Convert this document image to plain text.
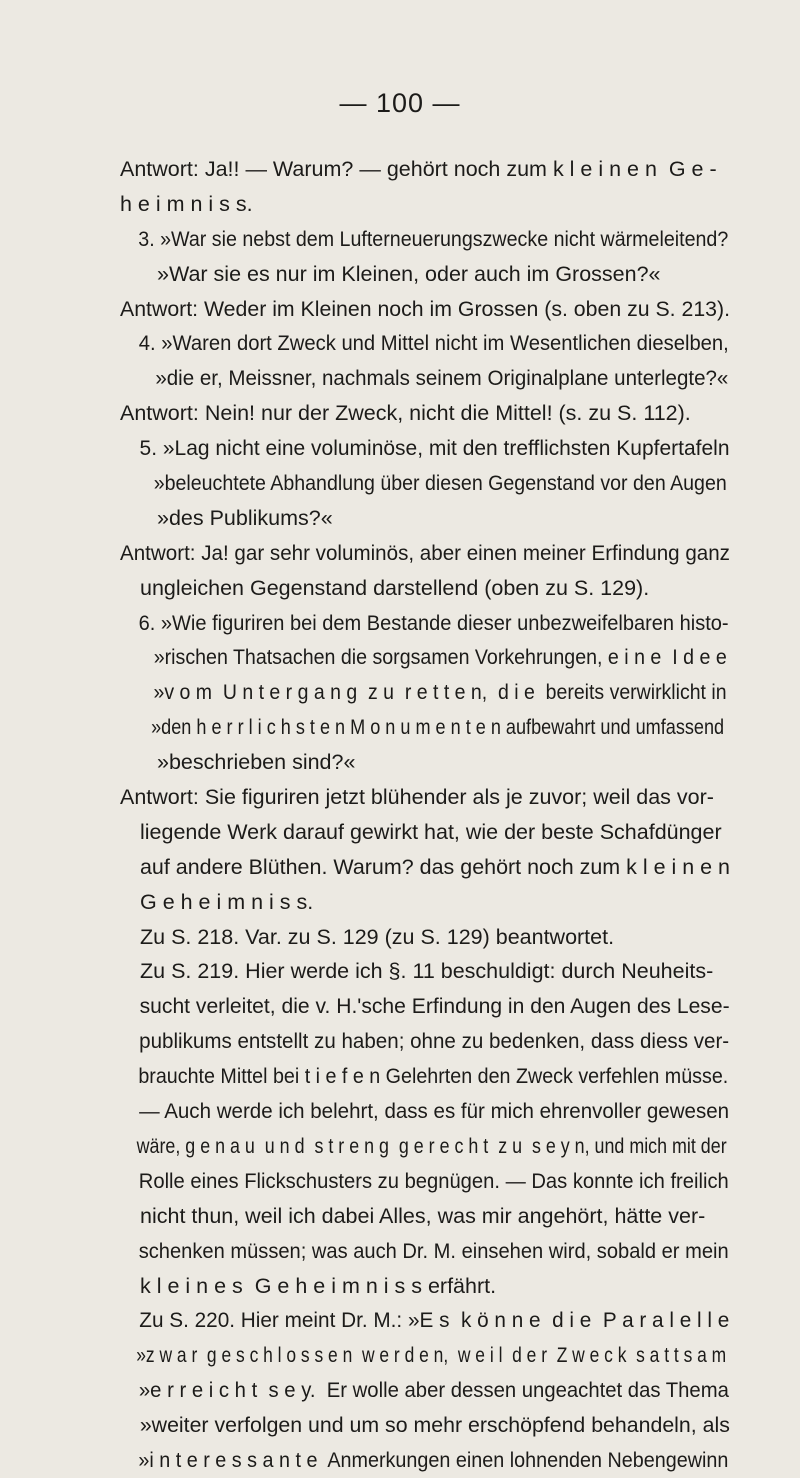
— 100 —
Antwort: Ja!! — Warum? — gehört noch zum k l e i n e n  G e -
h e i m n i s s.
3. »War sie nebst dem Lufterneuerungszwecke nicht wärmeleitend?
»War sie es nur im Kleinen, oder auch im Grossen?«
Antwort: Weder im Kleinen noch im Grossen (s. oben zu S. 213).
4. »Waren dort Zweck und Mittel nicht im Wesentlichen dieselben,
»die er, Meissner, nachmals seinem Originalplane unterlegte?«
Antwort: Nein! nur der Zweck, nicht die Mittel! (s. zu S. 112).
5. »Lag nicht eine voluminöse, mit den trefflichsten Kupfertafeln
»beleuchtete Abhandlung über diesen Gegenstand vor den Augen
»des Publikums?«
Antwort: Ja! gar sehr voluminös, aber einen meiner Erfindung ganz
ungleichen Gegenstand darstellend (oben zu S. 129).
6. »Wie figuriren bei dem Bestande dieser unbezweifelbaren histo-
»rischen Thatsachen die sorgsamen Vorkehrungen, e i n e  I d e e
»v o m  U n t e r g a n g  z u  r e t t e n,  d i e  bereits verwirklicht in
»den h e r r l i c h s t e n M o n u m e n t e n aufbewahrt und umfassend
»beschrieben sind?«
Antwort: Sie figuriren jetzt blühender als je zuvor; weil das vor-
liegende Werk darauf gewirkt hat, wie der beste Schafdünger
auf andere Blüthen. Warum? das gehört noch zum k l e i n e n
G e h e i m n i s s.
Zu S. 218. Var. zu S. 129 (zu S. 129) beantwortet.
Zu S. 219. Hier werde ich §. 11 beschuldigt: durch Neuheits-
sucht verleitet, die v. H.'sche Erfindung in den Augen des Lese-
publikums entstellt zu haben; ohne zu bedenken, dass diess ver-
brauchte Mittel bei t i e f e n Gelehrten den Zweck verfehlen müsse.
— Auch werde ich belehrt, dass es für mich ehrenvoller gewesen
wäre, g e n a u  u n d  s t r e n g  g e r e c h t  z u  s e y n, und mich mit der
Rolle eines Flickschusters zu begnügen. — Das konnte ich freilich
nicht thun, weil ich dabei Alles, was mir angehört, hätte ver-
schenken müssen; was auch Dr. M. einsehen wird, sobald er mein
k l e i n e s  G e h e i m n i s s erfährt.
Zu S. 220. Hier meint Dr. M.: »E s  k ö n n e  d i e  P a r a l e l l e
»z w a r  g e s c h l o s s e n  w e r d e n,  w e i l  d e r  Z w e c k  s a t t s a m
»e r r e i c h t  s e y.  Er wolle aber dessen ungeachtet das Thema
»weiter verfolgen und um so mehr erschöpfend behandeln, als
»i n t e r e s s a n t e  Anmerkungen einen lohnenden Nebengewinn
